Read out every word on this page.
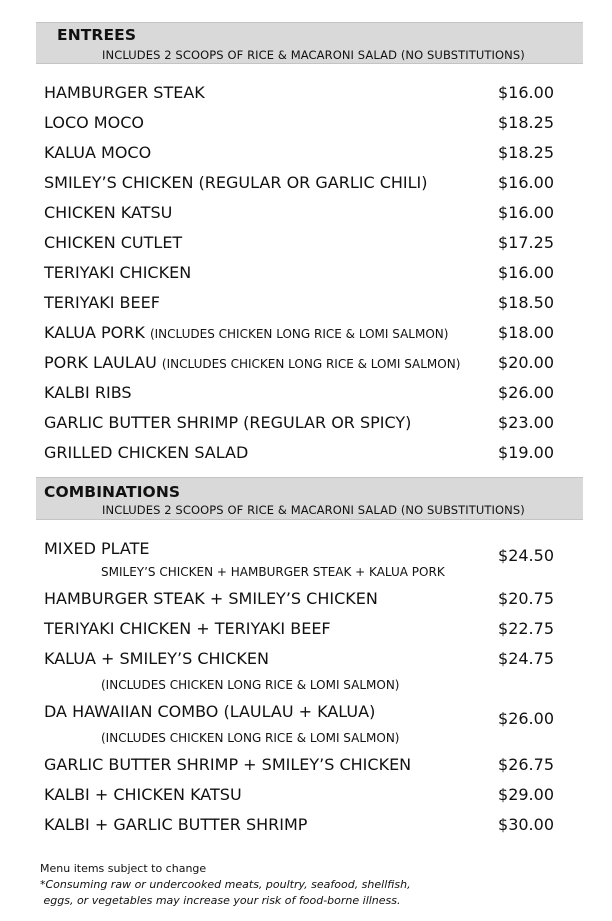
ENTREES
INCLUDES 2 SCOOPS OF RICE & MACARONI SALAD (NO SUBSTITUTIONS)
HAMBURGER STEAK	$16.00
LOCO MOCO	$18.25
KALUA MOCO	$18.25
SMILEY’S CHICKEN (REGULAR OR GARLIC CHILI)	$16.00
CHICKEN KATSU	$16.00
CHICKEN CUTLET	$17.25
TERIYAKI CHICKEN	$16.00
TERIYAKI BEEF	$18.50
KALUA PORK (INCLUDES CHICKEN LONG RICE & LOMI SALMON)	$18.00
PORK LAULAU (INCLUDES CHICKEN LONG RICE & LOMI SALMON) $20.00
KALBI RIBS	$26.00
GARLIC BUTTER SHRIMP (REGULAR OR SPICY)	$23.00
GRILLED CHICKEN SALAD	$19.00
COMBINATIONS
INCLUDES 2 SCOOPS OF RICE & MACARONI SALAD (NO SUBSTITUTIONS)
MIXED PLATE
SMILEY’S CHICKEN + HAMBURGER STEAK + KALUA PORK
$24.50
HAMBURGER STEAK + SMILEY’S CHICKEN	$20.75
TERIYAKI CHICKEN + TERIYAKI BEEF	$22.75
KALUA + SMILEY’S CHICKEN	$24.75
(INCLUDES CHICKEN LONG RICE & LOMI SALMON)
DA HAWAIIAN COMBO (LAULAU + KALUA)
(INCLUDES CHICKEN LONG RICE & LOMI SALMON)
$26.00
GARLIC BUTTER SHRIMP + SMILEY’S CHICKEN	$26.75
KALBI + CHICKEN KATSU	$29.00
KALBI + GARLIC BUTTER SHRIMP	$30.00
Menu items subject to change
*Consuming raw or undercooked meats, poultry, seafood, shellfish,
eggs, or vegetables may increase your risk of food-borne illness.
